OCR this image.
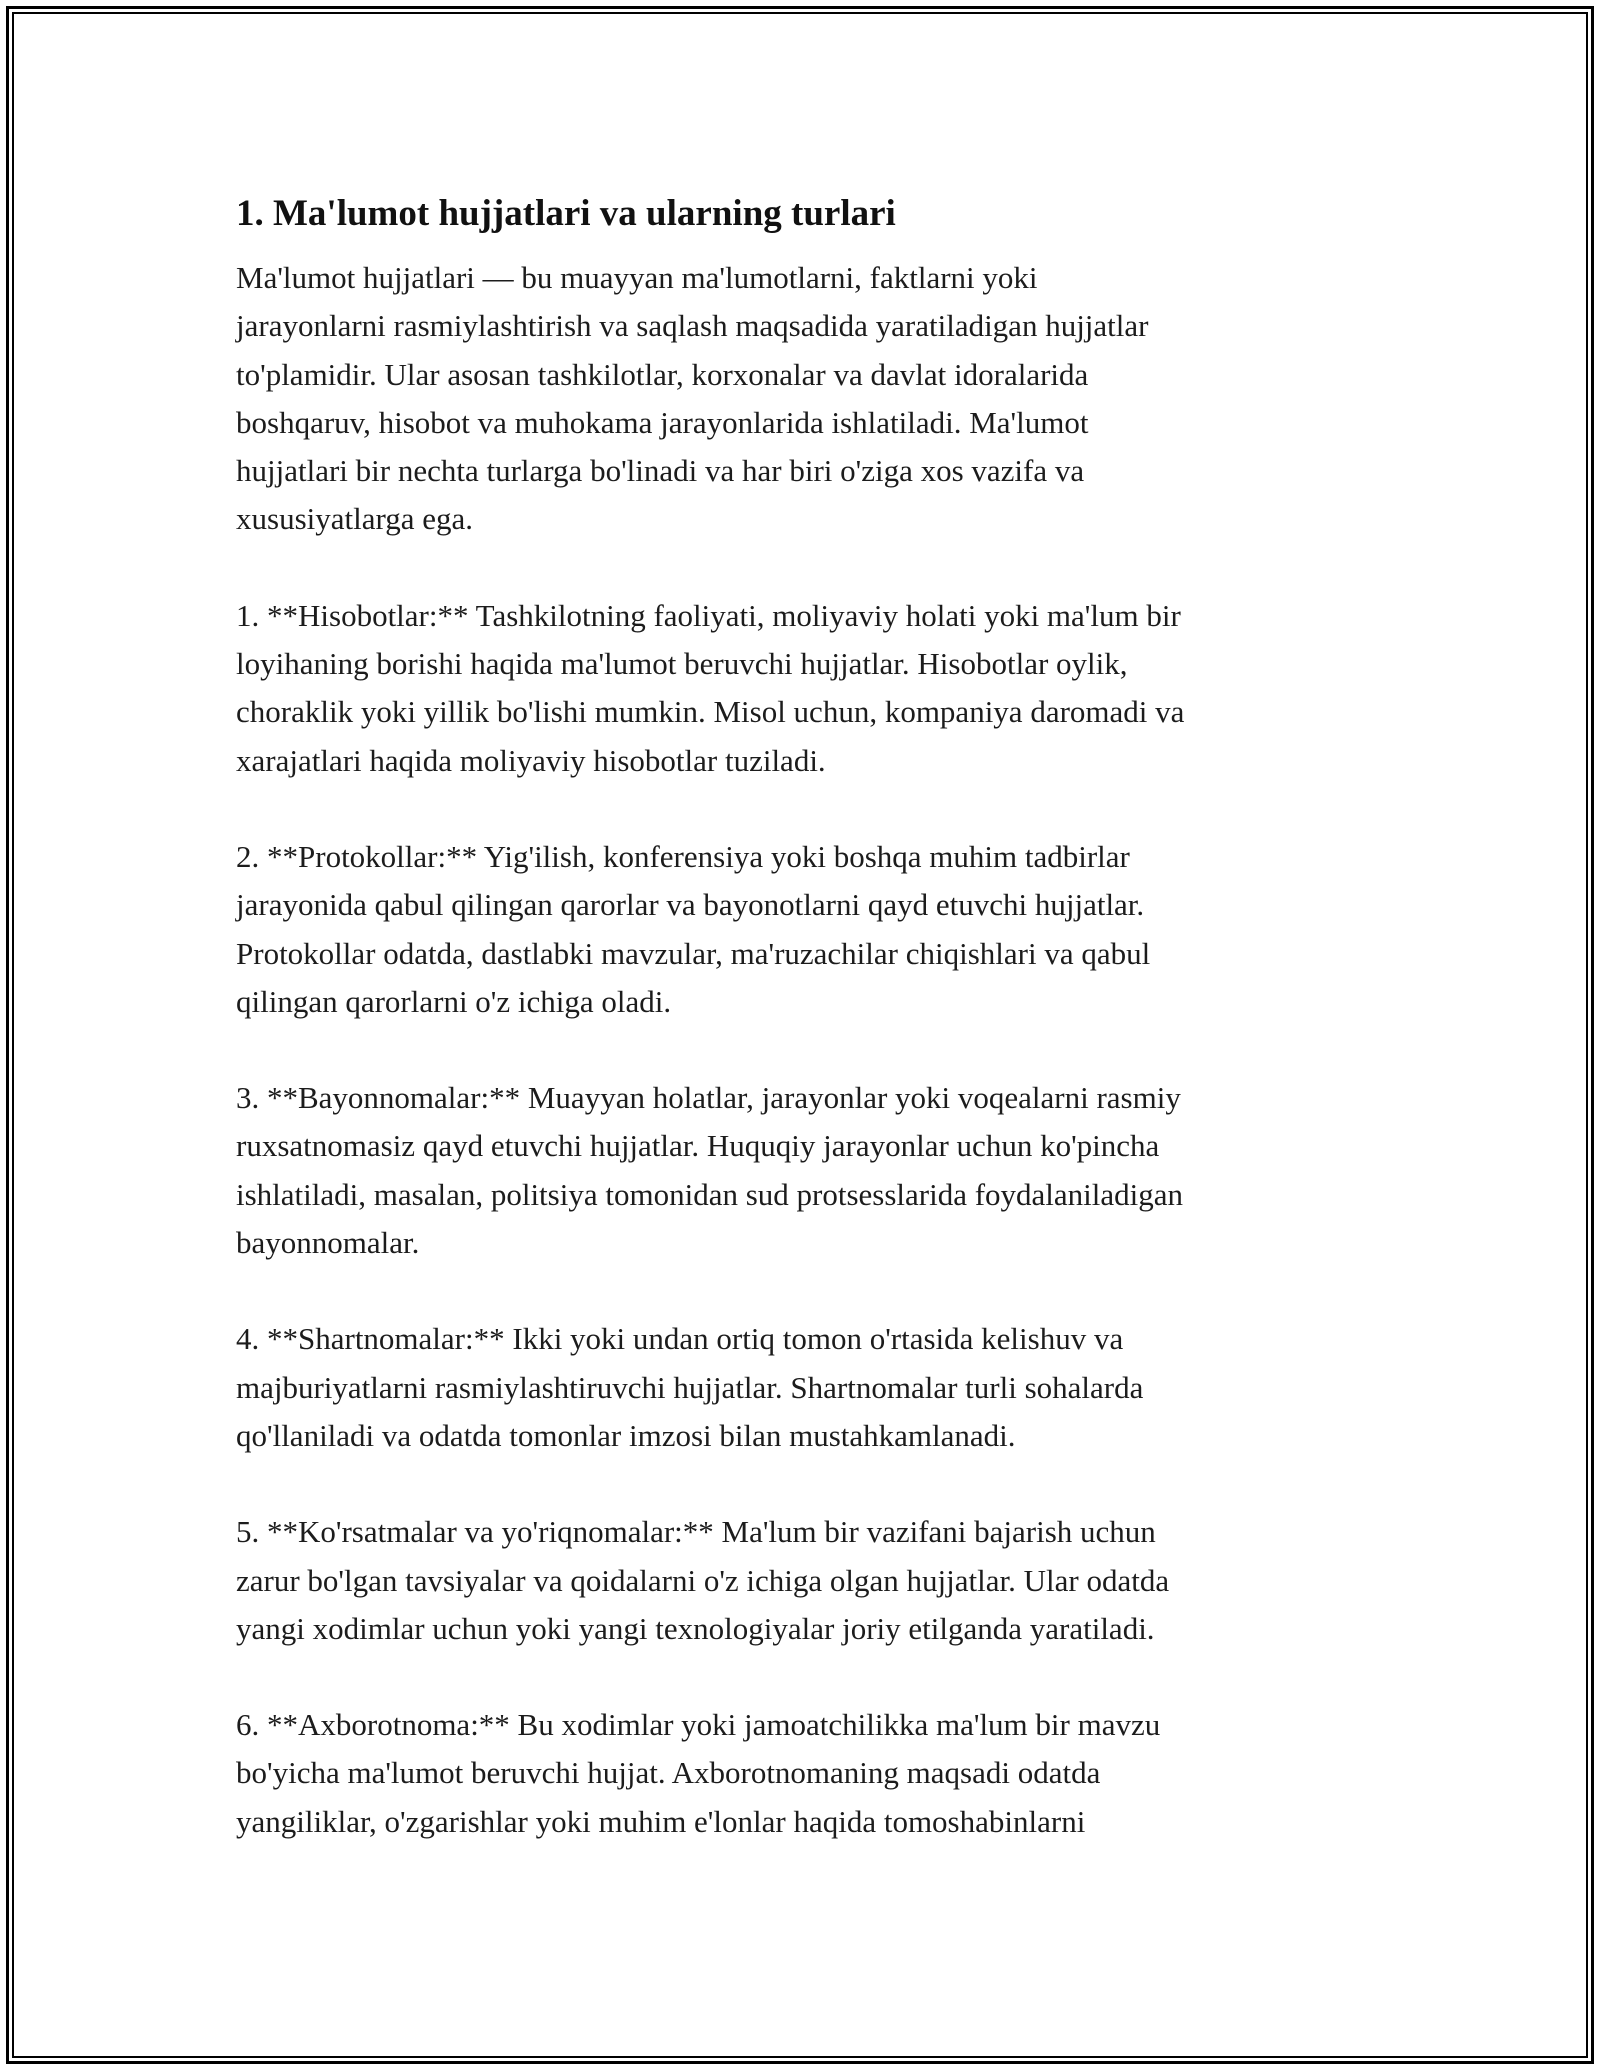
1. Ma'lumot hujjatlari va ularning turlari

Ma'lumot hujjatlari — bu muayyan ma'lumotlarni, faktlarni yoki
jarayonlarni rasmiylashtirish va saqlash maqsadida yaratiladigan hujjatlar
to'plamidir. Ular asosan tashkilotlar, korxonalar va davlat idoralarida
boshqaruv, hisobot va muhokama jarayonlarida ishlatiladi. Ma'lumot
hujjatlari bir nechta turlarga bo'linadi va har biri o'ziga xos vazifa va
xususiyatlarga ega.

1. **Hisobotlar:** Tashkilotning faoliyati, moliyaviy holati yoki ma'lum bir
loyihaning borishi haqida ma'lumot beruvchi hujjatlar. Hisobotlar oylik,
choraklik yoki yillik bo'lishi mumkin. Misol uchun, kompaniya daromadi va
xarajatlari haqida moliyaviy hisobotlar tuziladi.

2. **Protokollar:** Yig'ilish, konferensiya yoki boshqa muhim tadbirlar
jarayonida qabul qilingan qarorlar va bayonotlarni qayd etuvchi hujjatlar.
Protokollar odatda, dastlabki mavzular, ma'ruzachilar chiqishlari va qabul
qilingan qarorlarni o'z ichiga oladi.

3. **Bayonnomalar:** Muayyan holatlar, jarayonlar yoki voqealarni rasmiy
ruxsatnomasiz qayd etuvchi hujjatlar. Huquqiy jarayonlar uchun ko'pincha
ishlatiladi, masalan, politsiya tomonidan sud protsesslarida foydalaniladigan
bayonnomalar.

4. **Shartnomalar:** Ikki yoki undan ortiq tomon o'rtasida kelishuv va
majburiyatlarni rasmiylashtiruvchi hujjatlar. Shartnomalar turli sohalarda
qo'llaniladi va odatda tomonlar imzosi bilan mustahkamlanadi.

5. **Ko'rsatmalar va yo'riqnomalar:** Ma'lum bir vazifani bajarish uchun
zarur bo'lgan tavsiyalar va qoidalarni o'z ichiga olgan hujjatlar. Ular odatda
yangi xodimlar uchun yoki yangi texnologiyalar joriy etilganda yaratiladi.

6. **Axborotnoma:** Bu xodimlar yoki jamoatchilikka ma'lum bir mavzu
bo'yicha ma'lumot beruvchi hujjat. Axborotnomaning maqsadi odatda
yangiliklar, o'zgarishlar yoki muhim e'lonlar haqida tomoshabinlarni
